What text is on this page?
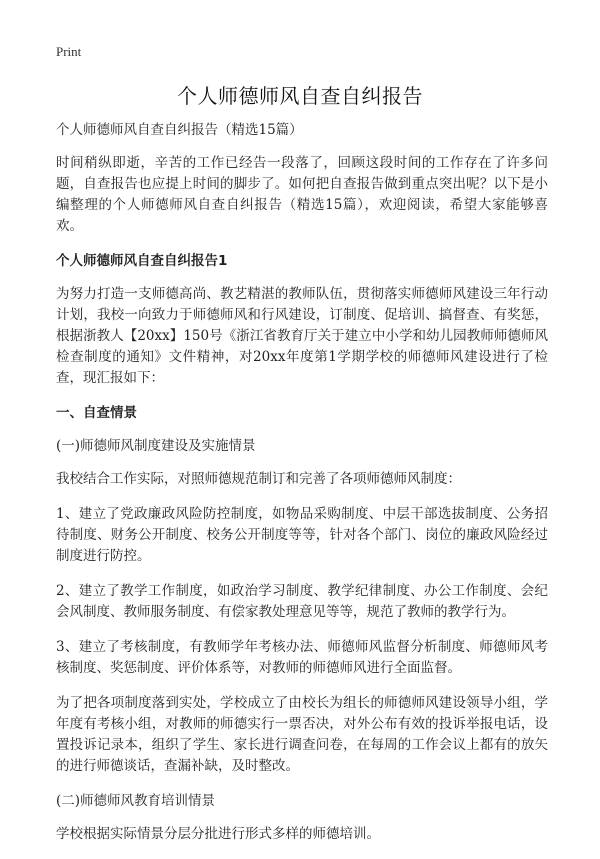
Print
个人师德师风自查自纠报告

个人师德师风自查自纠报告（精选15篇）

时间稍纵即逝，辛苦的工作已经告一段落了，回顾这段时间的工作存在了许多问题，自查报告也应提上时间的脚步了。如何把自查报告做到重点突出呢？以下是小编整理的个人师德师风自查自纠报告（精选15篇），欢迎阅读，希望大家能够喜欢。

个人师德师风自查自纠报告1

为努力打造一支师德高尚、教艺精湛的教师队伍，贯彻落实师德师风建设三年行动计划，我校一向致力于师德师风和行风建设，订制度、促培训、搞督查、有奖惩，根据浙教人【20xx】150号《浙江省教育厅关于建立中小学和幼儿园教师师德师风检查制度的通知》文件精神，对20xx年度第1学期学校的师德师风建设进行了检查，现汇报如下：

一、自查情景
(一)师德师风制度建设及实施情景

我校结合工作实际，对照师德规范制订和完善了各项师德师风制度：

1、建立了党政廉政风险防控制度，如物品采购制度、中层干部选拔制度、公务招待制度、财务公开制度、校务公开制度等等，针对各个部门、岗位的廉政风险经过制度进行防控。

2、建立了教学工作制度，如政治学习制度、教学纪律制度、办公工作制度、会纪会风制度、教师服务制度、有偿家教处理意见等等，规范了教师的教学行为。

3、建立了考核制度，有教师学年考核办法、师德师风监督分析制度、师德师风考核制度、奖惩制度、评价体系等，对教师的师德师风进行全面监督。

为了把各项制度落到实处，学校成立了由校长为组长的师德师风建设领导小组，学年度有考核小组，对教师的师德实行一票否决，对外公布有效的投诉举报电话，设置投诉记录本，组织了学生、家长进行调查问卷，在每周的工作会议上都有的放矢的进行师德谈话，查漏补缺，及时整改。

(二)师德师风教育培训情景

学校根据实际情景分层分批进行形式多样的师德培训。
